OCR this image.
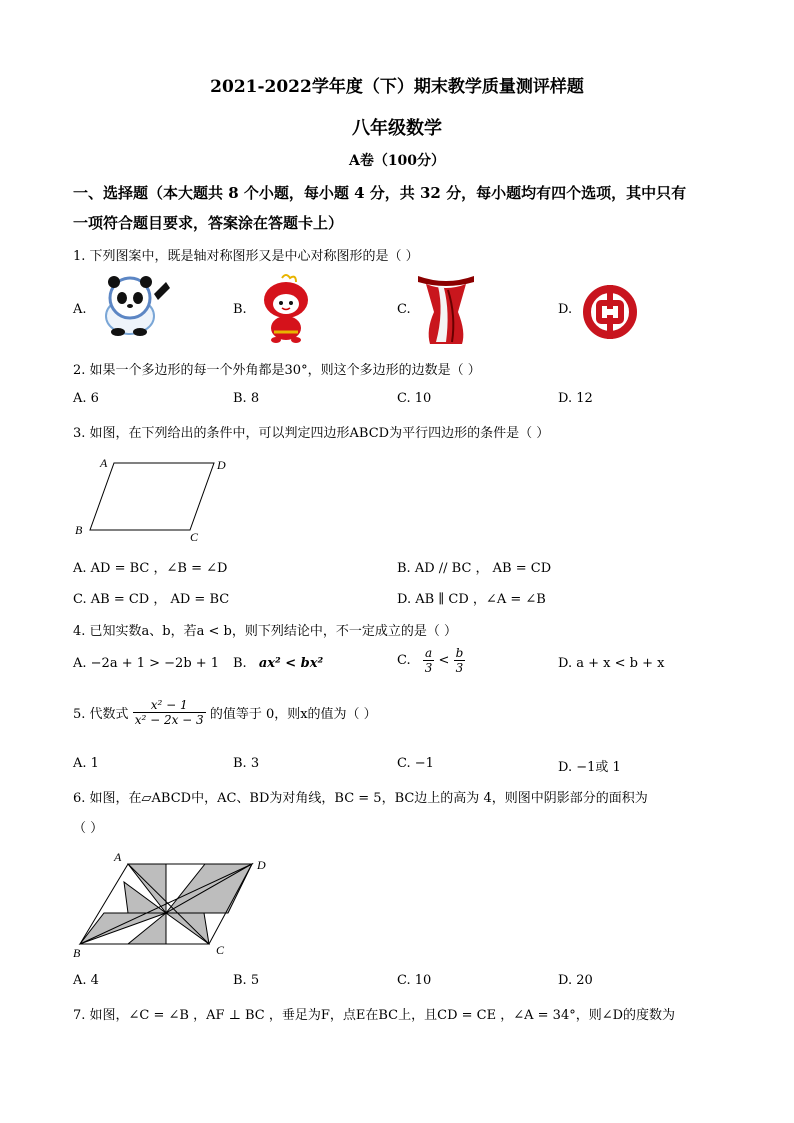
2021-2022学年度（下）期末教学质量测评样题
八年级数学
A卷（100分）
一、选择题（本大题共 8 个小题，每小题 4 分，共 32 分，每小题均有四个选项，其中只有
一项符合题目要求，答案涂在答题卡上）
1. 下列图案中，既是轴对称图形又是中心对称图形的是（ ）
A.	B.	C.	D.
2. 如果一个多边形的每一个外角都是30°，则这个多边形的边数是（ ）
A. 6	B. 8	C. 10	D. 12
3. 如图，在下列给出的条件中，可以判定四边形ABCD为平行四边形的条件是（ ）
A	D
B	C
A. AD = BC ，∠B = ∠D	B. AD // BC ， AB = CD
C. AB = CD ， AD = BC	D. AB ∥ CD ，∠A = ∠B
4. 已知实数a、b，若a < b，则下列结论中，不一定成立的是（ ）
A. −2a + 1 > −2b + 1 B. ax² < bx²	C. $\frac{a}{3} < \frac{b}{3}$	D. a + x < b + x
5. 代数式 $\frac{\text{x² − 1}}{\text{x² − 2x − 3}}$ 的值等于 0，则x的值为（ ）
A. 1	B. 3	C. −1	D. −1或 1
6. 如图，在▱ABCD中，AC、BD为对角线，BC = 5，BC边上的高为 4，则图中阴影部分的面积为
（ ）
A
D
B	C
A. 4	B. 5	C. 10	D. 20
7. 如图，∠C = ∠B ，AF ⊥ BC ，垂足为F，点E在BC上，且CD = CE ，∠A = 34°，则∠D的度数为
